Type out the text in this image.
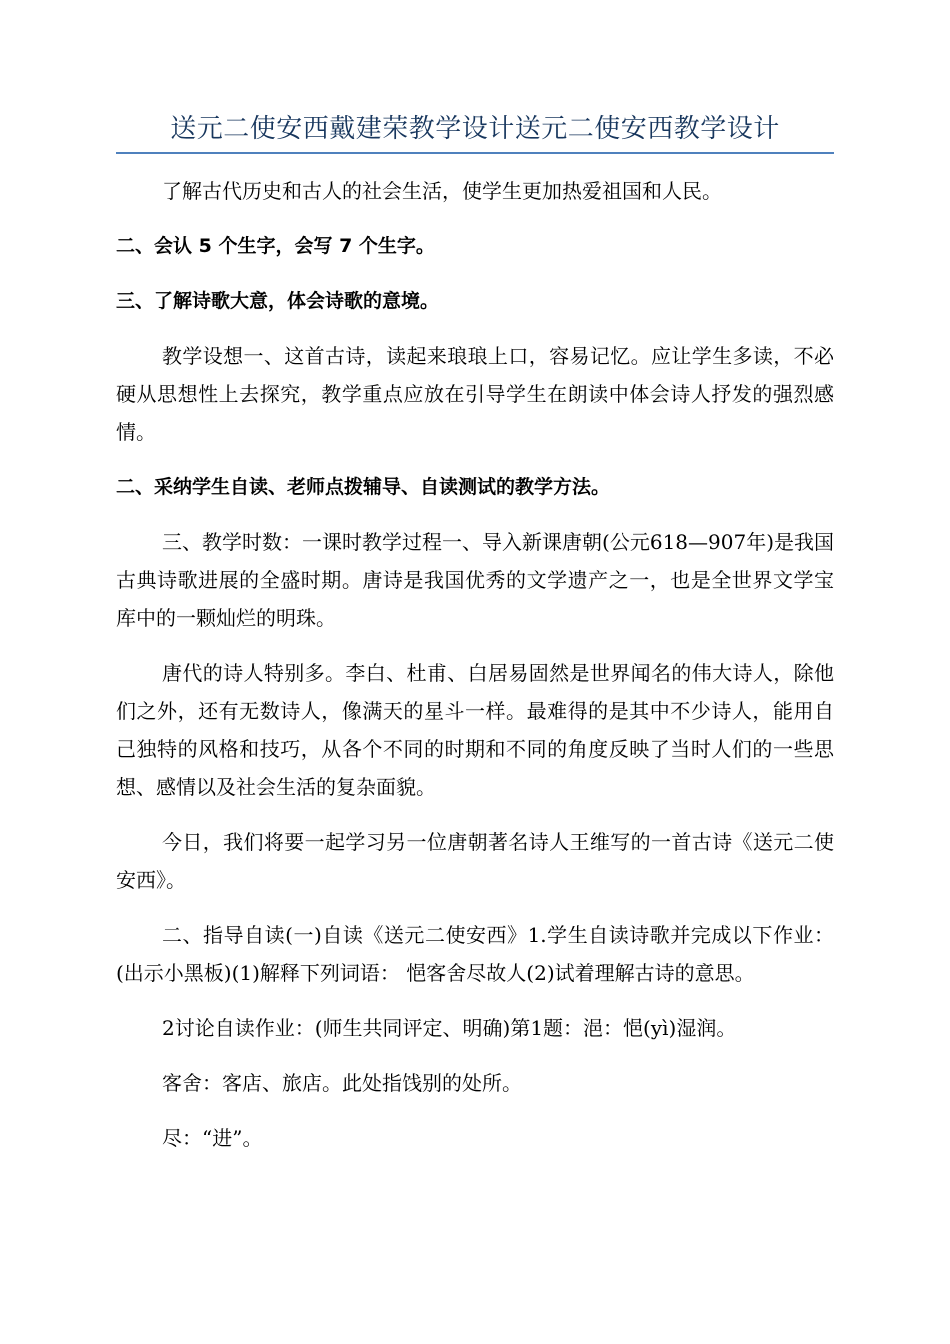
送元二使安西戴建荣教学设计送元二使安西教学设计

了解古代历史和古人的社会生活，使学生更加热爱祖国和人民。

二、会认 5 个生字，会写 7 个生字。

三、了解诗歌大意，体会诗歌的意境。

教学设想一、这首古诗，读起来琅琅上口，容易记忆。应让学生多读，不必硬从思想性上去探究，教学重点应放在引导学生在朗读中体会诗人抒发的强烈感情。

二、采纳学生自读、老师点拨辅导、自读测试的教学方法。

三、教学时数：一课时教学过程一、导入新课唐朝(公元618—907年)是我国古典诗歌进展的全盛时期。唐诗是我国优秀的文学遗产之一，也是全世界文学宝库中的一颗灿烂的明珠。

唐代的诗人特别多。李白、杜甫、白居易固然是世界闻名的伟大诗人，除他们之外，还有无数诗人，像满天的星斗一样。最难得的是其中不少诗人，能用自己独特的风格和技巧，从各个不同的时期和不同的角度反映了当时人们的一些思想、感情以及社会生活的复杂面貌。

今日，我们将要一起学习另一位唐朝著名诗人王维写的一首古诗《送元二使安西》。

二、指导自读(一)自读《送元二使安西》1.学生自读诗歌并完成以下作业：(出示小黑板)(1)解释下列词语： 悒客舍尽故人(2)试着理解古诗的意思。

2讨论自读作业：(师生共同评定、明确)第1题：浥：悒(yì)湿润。

客舍：客店、旅店。此处指饯别的处所。

尽：“进”。
